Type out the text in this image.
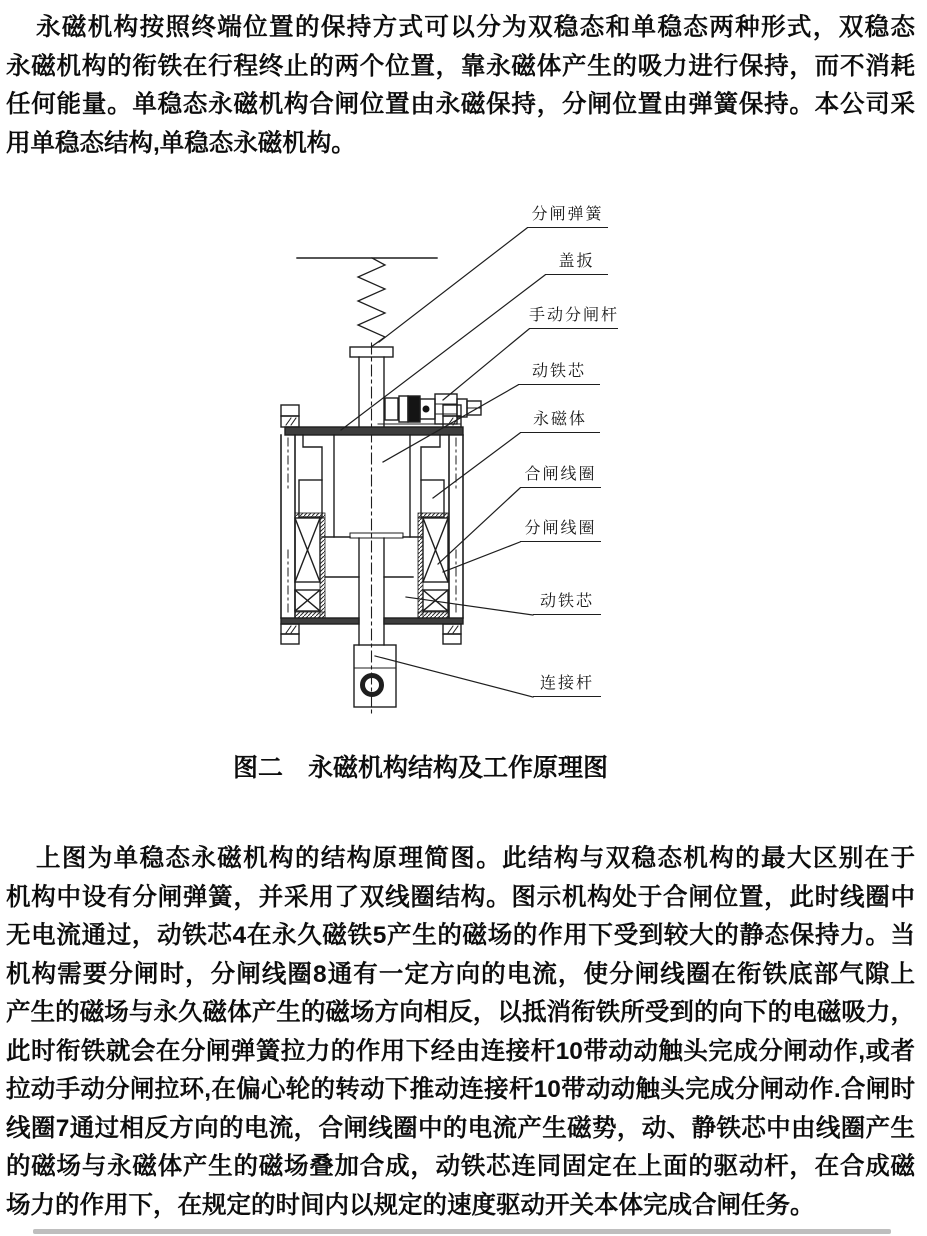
永磁机构按照终端位置的保持方式可以分为双稳态和单稳态两种形式，双稳态
永磁机构的衔铁在行程终止的两个位置，靠永磁体产生的吸力进行保持，而不消耗
任何能量。单稳态永磁机构合闸位置由永磁保持，分闸位置由弹簧保持。本公司采
用单稳态结构,单稳态永磁机构。
分闸弹簧
盖扳
手动分闸杆
动铁芯
永磁体
合闸线圈
分闸线圈
动铁芯
连接杆
图二　永磁机构结构及工作原理图
上图为单稳态永磁机构的结构原理简图。此结构与双稳态机构的最大区别在于
机构中设有分闸弹簧，并采用了双线圈结构。图示机构处于合闸位置，此时线圈中
无电流通过，动铁芯4在永久磁铁5产生的磁场的作用下受到较大的静态保持力。当
机构需要分闸时，分闸线圈8通有一定方向的电流，使分闸线圈在衔铁底部气隙上
产生的磁场与永久磁体产生的磁场方向相反，以抵消衔铁所受到的向下的电磁吸力，
此时衔铁就会在分闸弹簧拉力的作用下经由连接杆10带动动触头完成分闸动作,或者
拉动手动分闸拉环,在偏心轮的转动下推动连接杆10带动动触头完成分闸动作.合闸时
线圈7通过相反方向的电流，合闸线圈中的电流产生磁势，动、静铁芯中由线圈产生
的磁场与永磁体产生的磁场叠加合成，动铁芯连同固定在上面的驱动杆，在合成磁
场力的作用下，在规定的时间内以规定的速度驱动开关本体完成合闸任务。
